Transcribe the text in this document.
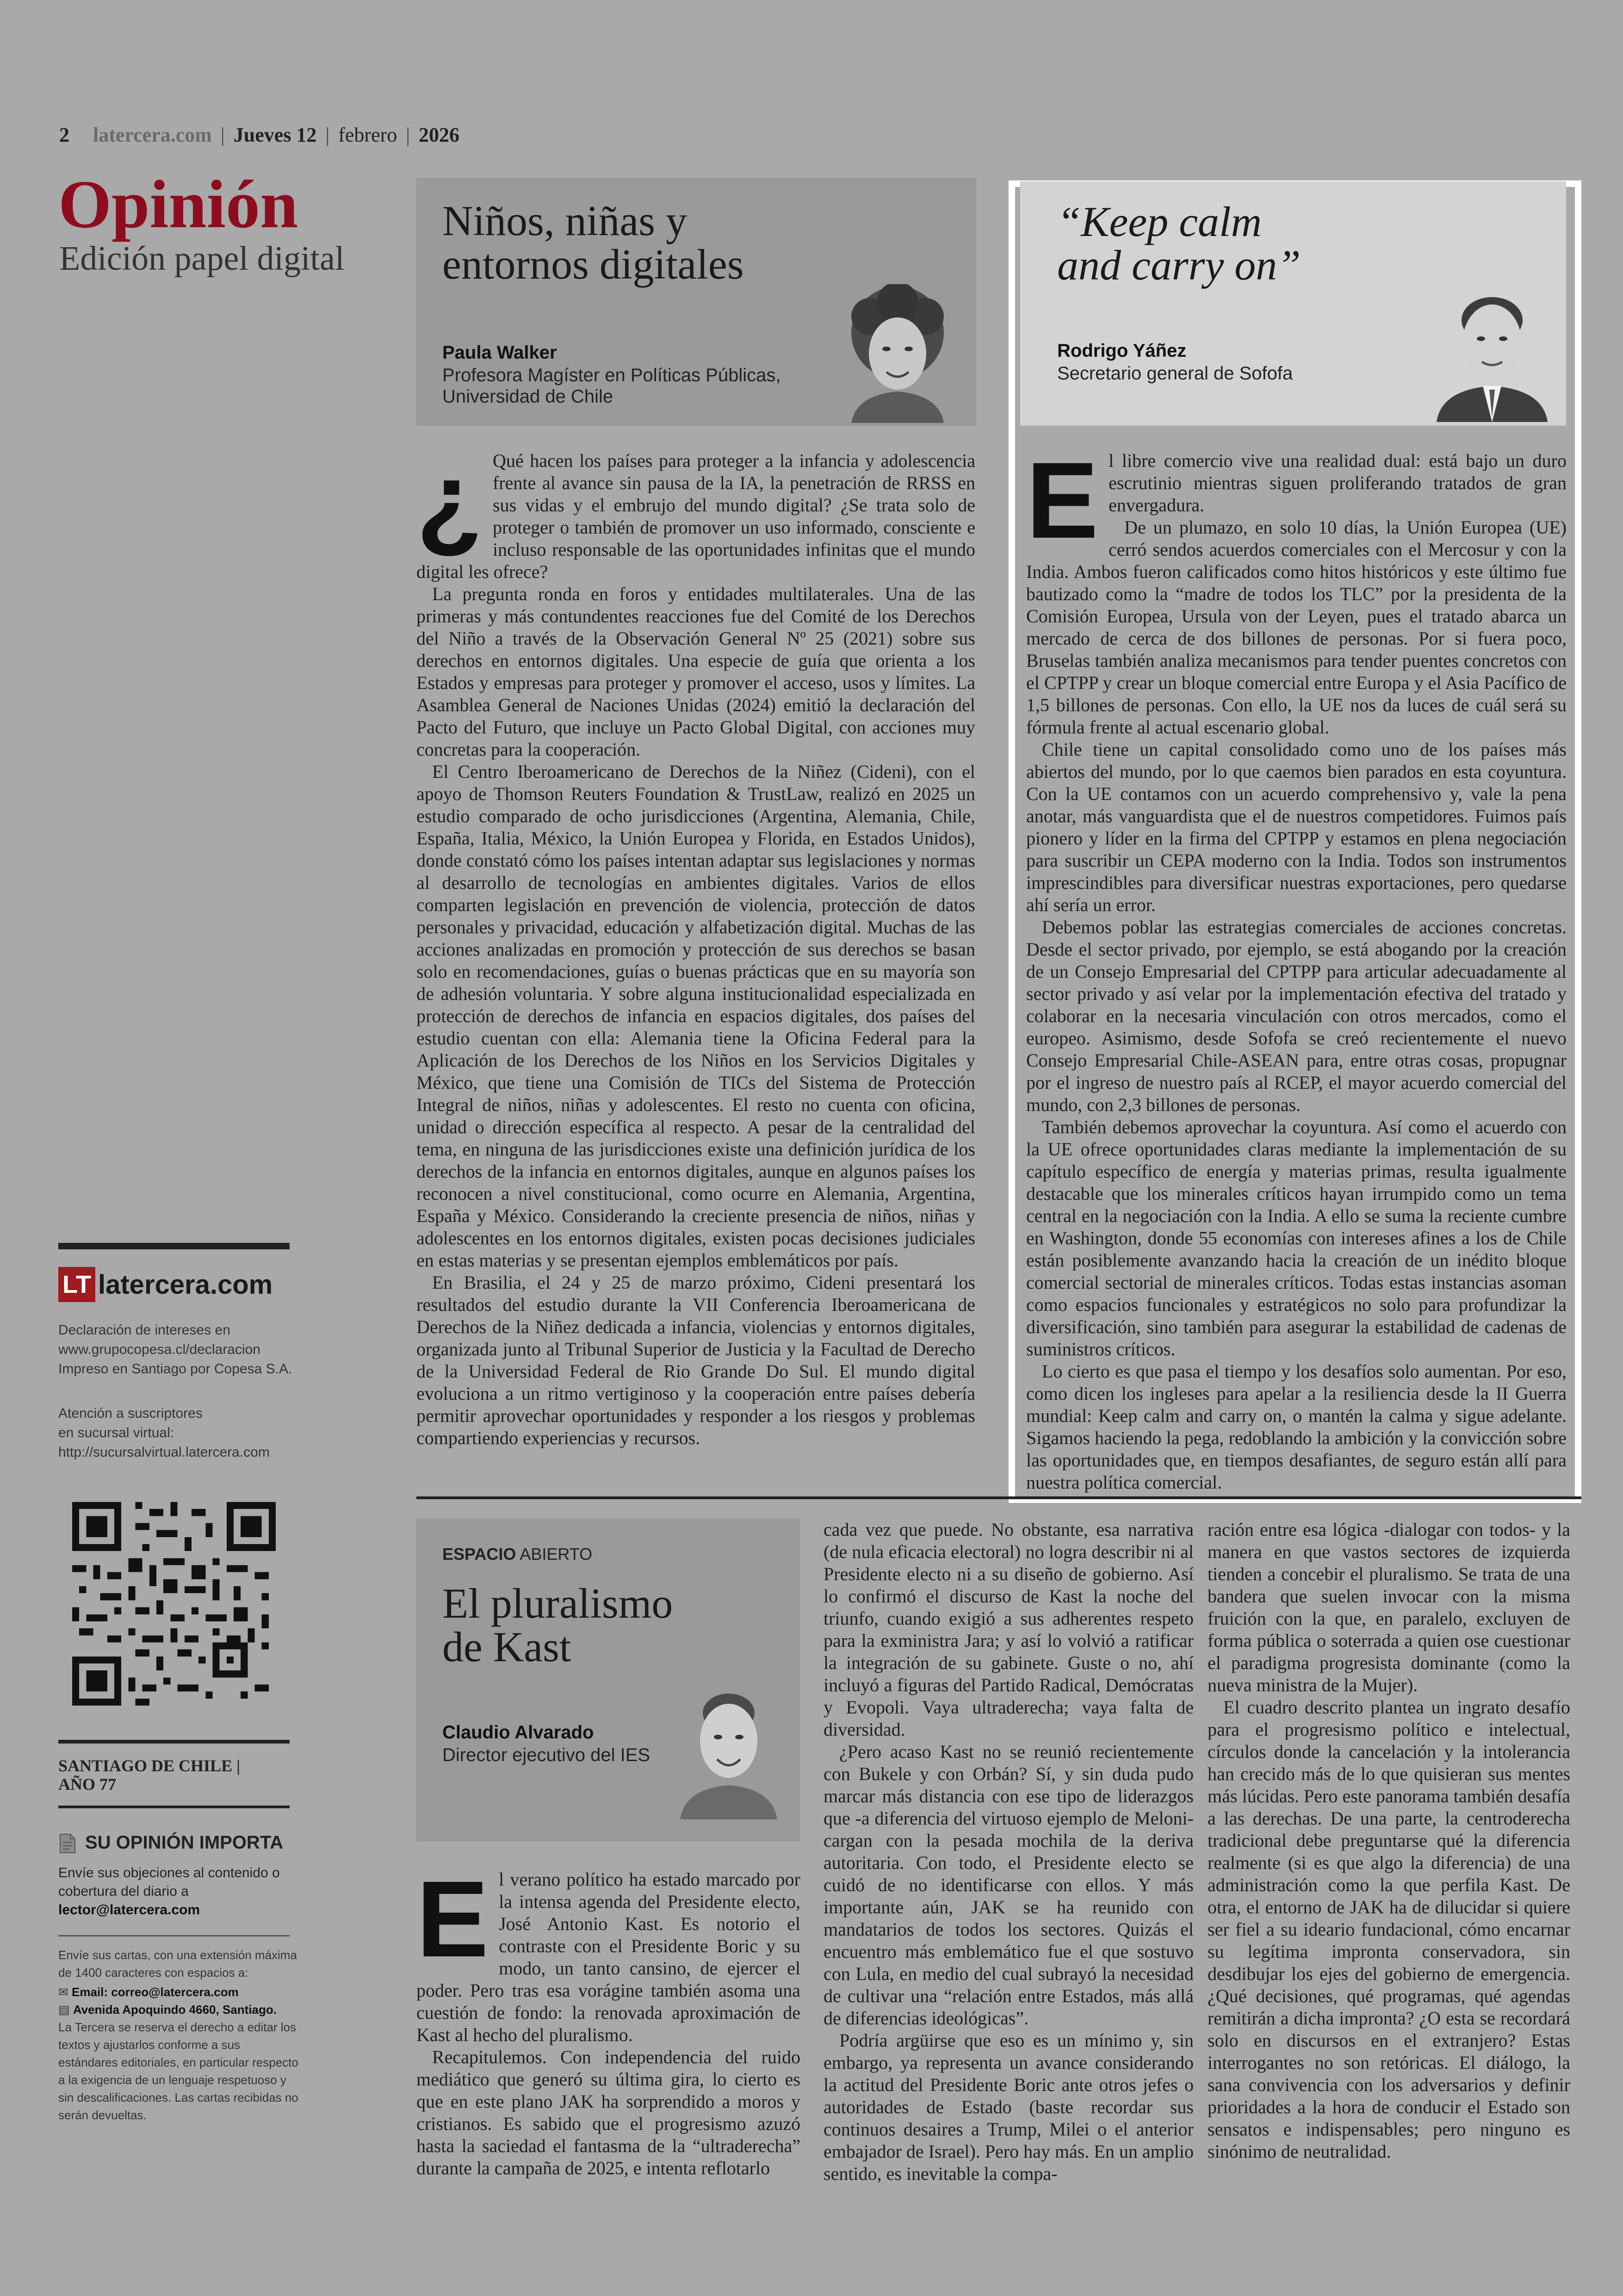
2 latercera.com | Jueves 12 | febrero | 2026
Opinión
Edición papel digital
Niños, niñas y
entornos digitales
Paula Walker
Profesora Magíster en Políticas Públicas,
Universidad de Chile
¿ Qué hacen los países para proteger a la infancia y adolescencia frente al avance sin pausa de la IA, la penetración de RRSS en sus vidas y el embrujo del mundo digital? ¿Se trata solo de proteger o también de promover un uso informado, consciente e incluso responsable de las oportunidades infinitas que el mundo digital les ofrece?

La pregunta ronda en foros y entidades multilaterales. Una de las primeras y más contundentes reacciones fue del Comité de los Derechos del Niño a través de la Observación General Nº 25 (2021) sobre sus derechos en entornos digitales. Una especie de guía que orienta a los Estados y empresas para proteger y promover el acceso, usos y límites. La Asamblea General de Naciones Unidas (2024) emitió la declaración del Pacto del Futuro, que incluye un Pacto Global Digital, con acciones muy concretas para la cooperación.

El Centro Iberoamericano de Derechos de la Niñez (Cideni), con el apoyo de Thomson Reuters Foundation & TrustLaw, realizó en 2025 un estudio comparado de ocho jurisdicciones (Argentina, Alemania, Chile, España, Italia, México, la Unión Europea y Florida, en Estados Unidos), donde constató cómo los países intentan adaptar sus legislaciones y normas al desarrollo de tecnologías en ambientes digitales. Varios de ellos comparten legislación en prevención de violencia, protección de datos personales y privacidad, educación y alfabetización digital. Muchas de las acciones analizadas en promoción y protección de sus derechos se basan solo en recomendaciones, guías o buenas prácticas que en su mayoría son de adhesión voluntaria. Y sobre alguna institucionalidad especializada en protección de derechos de infancia en espacios digitales, dos países del estudio cuentan con ella: Alemania tiene la Oficina Federal para la Aplicación de los Derechos de los Niños en los Servicios Digitales y México, que tiene una Comisión de TICs del Sistema de Protección Integral de niños, niñas y adolescentes. El resto no cuenta con oficina, unidad o dirección específica al respecto. A pesar de la centralidad del tema, en ninguna de las jurisdicciones existe una definición jurídica de los derechos de la infancia en entornos digitales, aunque en algunos países los reconocen a nivel constitucional, como ocurre en Alemania, Argentina, España y México. Considerando la creciente presencia de niños, niñas y adolescentes en los entornos digitales, existen pocas decisiones judiciales en estas materias y se presentan ejemplos emblemáticos por país.

En Brasilia, el 24 y 25 de marzo próximo, Cideni presentará los resultados del estudio durante la VII Conferencia Iberoamericana de Derechos de la Niñez dedicada a infancia, violencias y entornos digitales, organizada junto al Tribunal Superior de Justicia y la Facultad de Derecho de la Universidad Federal de Rio Grande Do Sul. El mundo digital evoluciona a un ritmo vertiginoso y la cooperación entre países debería permitir aprovechar oportunidades y responder a los riesgos y problemas compartiendo experiencias y recursos.

“Keep calm
and carry on”
Rodrigo Yáñez
Secretario general de Sofofa
E l libre comercio vive una realidad dual: está bajo un duro escrutinio mientras siguen proliferando tratados de gran envergadura.

De un plumazo, en solo 10 días, la Unión Europea (UE) cerró sendos acuerdos comerciales con el Mercosur y con la India. Ambos fueron calificados como hitos históricos y este último fue bautizado como la “madre de todos los TLC” por la presidenta de la Comisión Europea, Ursula von der Leyen, pues el tratado abarca un mercado de cerca de dos billones de personas. Por si fuera poco, Bruselas también analiza mecanismos para tender puentes concretos con el CPTPP y crear un bloque comercial entre Europa y el Asia Pacífico de 1,5 billones de personas. Con ello, la UE nos da luces de cuál será su fórmula frente al actual escenario global.

Chile tiene un capital consolidado como uno de los países más abiertos del mundo, por lo que caemos bien parados en esta coyuntura. Con la UE contamos con un acuerdo comprehensivo y, vale la pena anotar, más vanguardista que el de nuestros competidores. Fuimos país pionero y líder en la firma del CPTPP y estamos en plena negociación para suscribir un CEPA moderno con la India. Todos son instrumentos imprescindibles para diversificar nuestras exportaciones, pero quedarse ahí sería un error.

Debemos poblar las estrategias comerciales de acciones concretas. Desde el sector privado, por ejemplo, se está abogando por la creación de un Consejo Empresarial del CPTPP para articular adecuadamente al sector privado y así velar por la implementación efectiva del tratado y colaborar en la necesaria vinculación con otros mercados, como el europeo. Asimismo, desde Sofofa se creó recientemente el nuevo Consejo Empresarial Chile-ASEAN para, entre otras cosas, propugnar por el ingreso de nuestro país al RCEP, el mayor acuerdo comercial del mundo, con 2,3 billones de personas.

También debemos aprovechar la coyuntura. Así como el acuerdo con la UE ofrece oportunidades claras mediante la implementación de su capítulo específico de energía y materias primas, resulta igualmente destacable que los minerales críticos hayan irrumpido como un tema central en la negociación con la India. A ello se suma la reciente cumbre en Washington, donde 55 economías con intereses afines a los de Chile están posiblemente avanzando hacia la creación de un inédito bloque comercial sectorial de minerales críticos. Todas estas instancias asoman como espacios funcionales y estratégicos no solo para profundizar la diversificación, sino también para asegurar la estabilidad de cadenas de suministros críticos.

Lo cierto es que pasa el tiempo y los desafíos solo aumentan. Por eso, como dicen los ingleses para apelar a la resiliencia desde la II Guerra mundial: Keep calm and carry on, o mantén la calma y sigue adelante. Sigamos haciendo la pega, redoblando la ambición y la convicción sobre las oportunidades que, en tiempos desafiantes, de seguro están allí para nuestra política comercial.

ESPACIO ABIERTO
El pluralismo
de Kast
Claudio Alvarado
Director ejecutivo del IES
E l verano político ha estado marcado por la intensa agenda del Presidente electo, José Antonio Kast. Es notorio el contraste con el Presidente Boric y su modo, un tanto cansino, de ejercer el poder. Pero tras esa vorágine también asoma una cuestión de fondo: la renovada aproximación de Kast al hecho del pluralismo.

Recapitulemos. Con independencia del ruido mediático que generó su última gira, lo cierto es que en este plano JAK ha sorprendido a moros y cristianos. Es sabido que el progresismo azuzó hasta la saciedad el fantasma de la “ultraderecha” durante la campaña de 2025, e intenta reflotarlo

cada vez que puede. No obstante, esa narrativa (de nula eficacia electoral) no logra describir ni al Presidente electo ni a su diseño de gobierno. Así lo confirmó el discurso de Kast la noche del triunfo, cuando exigió a sus adherentes respeto para la exministra Jara; y así lo volvió a ratificar la integración de su gabinete. Guste o no, ahí incluyó a figuras del Partido Radical, Demócratas y Evopoli. Vaya ultraderecha; vaya falta de diversidad.

¿Pero acaso Kast no se reunió recientemente con Bukele y con Orbán? Sí, y sin duda pudo marcar más distancia con ese tipo de liderazgos que -a diferencia del virtuoso ejemplo de Meloni- cargan con la pesada mochila de la deriva autoritaria. Con todo, el Presidente electo se cuidó de no identificarse con ellos. Y más importante aún, JAK se ha reunido con mandatarios de todos los sectores. Quizás el encuentro más emblemático fue el que sostuvo con Lula, en medio del cual subrayó la necesidad de cultivar una “relación entre Estados, más allá de diferencias ideológicas”.

Podría argüirse que eso es un mínimo y, sin embargo, ya representa un avance considerando la actitud del Presidente Boric ante otros jefes o autoridades de Estado (baste recordar sus continuos desaires a Trump, Milei o el anterior embajador de Israel). Pero hay más. En un amplio sentido, es inevitable la compa-

ración entre esa lógica -dialogar con todos- y la manera en que vastos sectores de izquierda tienden a concebir el pluralismo. Se trata de una bandera que suelen invocar con la misma fruición con la que, en paralelo, excluyen de forma pública o soterrada a quien ose cuestionar el paradigma progresista dominante (como la nueva ministra de la Mujer).

El cuadro descrito plantea un ingrato desafío para el progresismo político e intelectual, círculos donde la cancelación y la intolerancia han crecido más de lo que quisieran sus mentes más lúcidas. Pero este panorama también desafía a las derechas. De una parte, la centroderecha tradicional debe preguntarse qué la diferencia realmente (si es que algo la diferencia) de una administración como la que perfila Kast. De otra, el entorno de JAK ha de dilucidar si quiere ser fiel a su ideario fundacional, cómo encarnar su legítima impronta conservadora, sin desdibujar los ejes del gobierno de emergencia. ¿Qué decisiones, qué programas, qué agendas remitirán a dicha impronta? ¿O esta se recordará solo en discursos en el extranjero? Estas interrogantes no son retóricas. El diálogo, la sana convivencia con los adversarios y definir prioridades a la hora de conducir el Estado son sensatos e indispensables; pero ninguno es sinónimo de neutralidad.

LT latercera.com
Declaración de intereses en
www.grupocopesa.cl/declaracion
Impreso en Santiago por Copesa S.A.
Atención a suscriptores
en sucursal virtual:
http://sucursalvirtual.latercera.com
SANTIAGO DE CHILE |
AÑO 77
SU OPINIÓN IMPORTA
Envíe sus objeciones al contenido o cobertura del diario a
lector@latercera.com
Envíe sus cartas, con una extensión máxima de 1400 caracteres con espacios a:
✉ Email: correo@latercera.com
▤ Avenida Apoquindo 4660, Santiago.
La Tercera se reserva el derecho a editar los textos y ajustarlos conforme a sus estándares editoriales, en particular respecto a la exigencia de un lenguaje respetuoso y sin descalificaciones. Las cartas recibidas no serán devueltas.
